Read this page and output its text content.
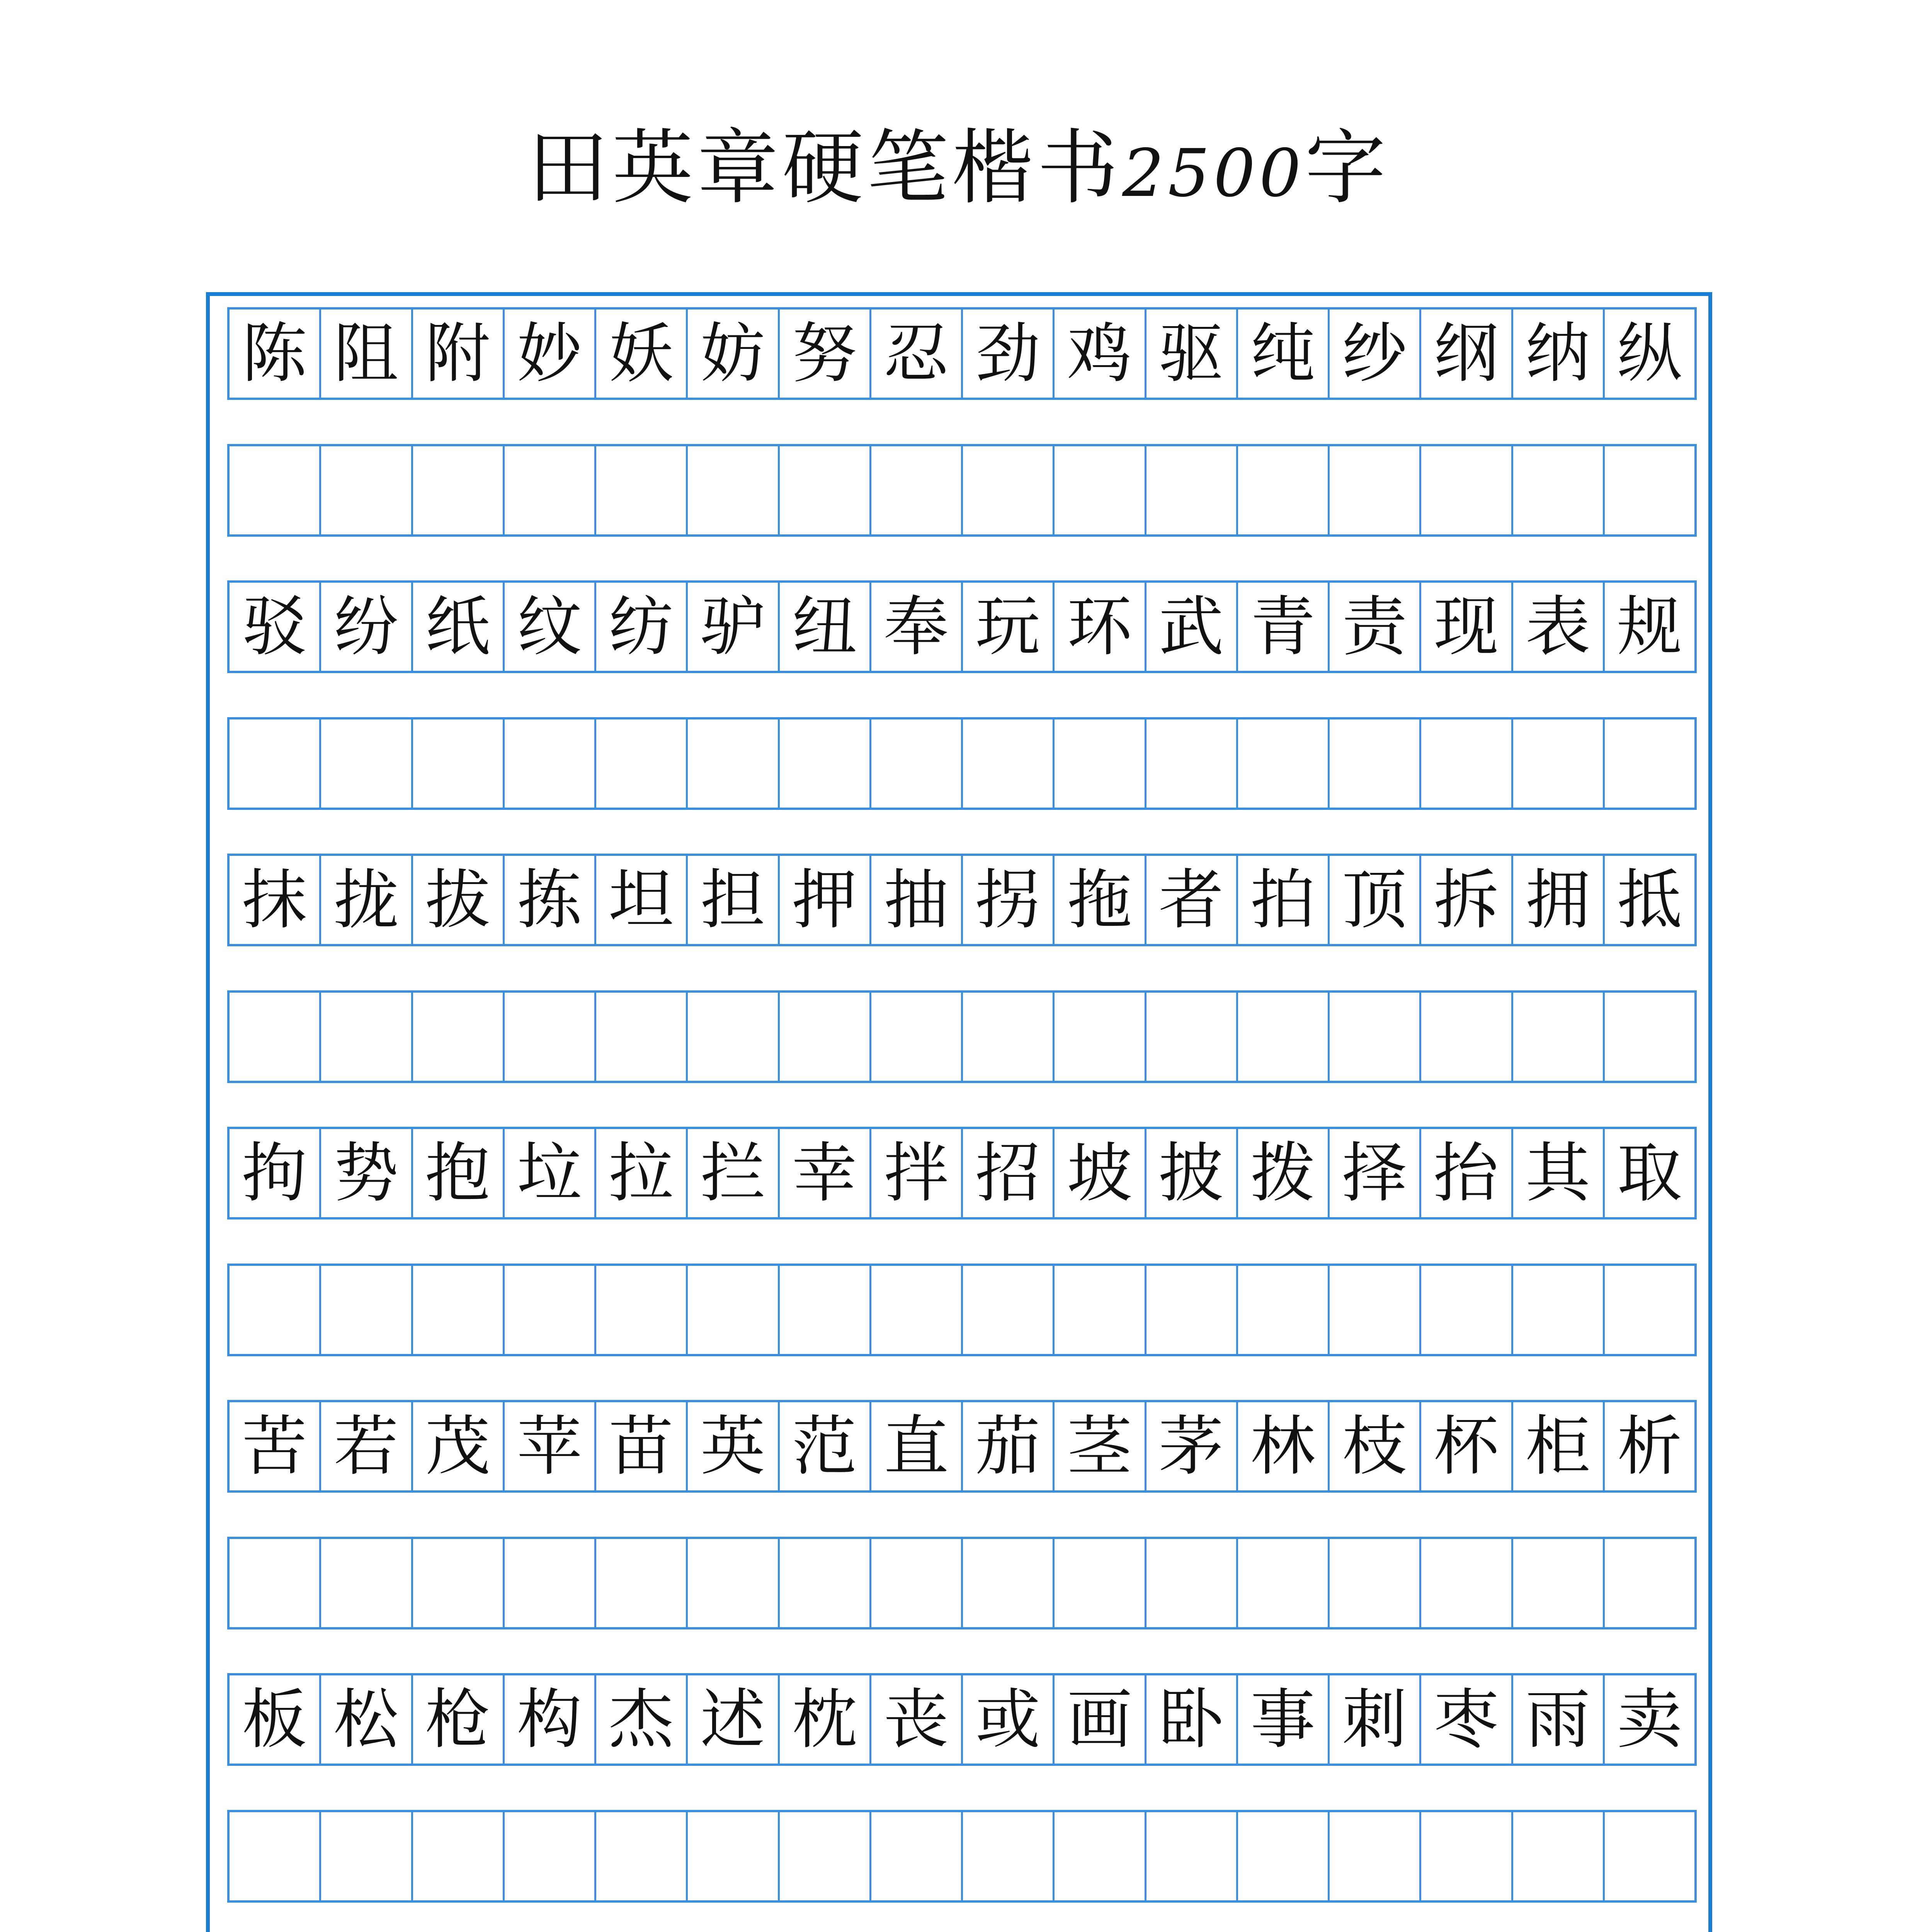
田英章硬笔楷书2500字
陈 阻 附 妙 妖 妨 努 忍 劲 鸡 驱 纯 纱 纲 纳 纵
驳 纷 纸 纹 纺 驴 纽 奉 玩 环 武 青 责 现 表 规
抹 拢 拔 拣 坦 担 押 抽 拐 拖 者 拍 顶 拆 拥 抵
拘 势 抱 垃 拉 拦 幸 拌 招 坡 披 拨 择 抬 其 取
苦 若 茂 苹 苗 英 范 直 茄 茎 茅 林 枝 杯 柜 析
板 松 枪 构 杰 述 枕 丧 或 画 卧 事 刺 枣 雨 卖
